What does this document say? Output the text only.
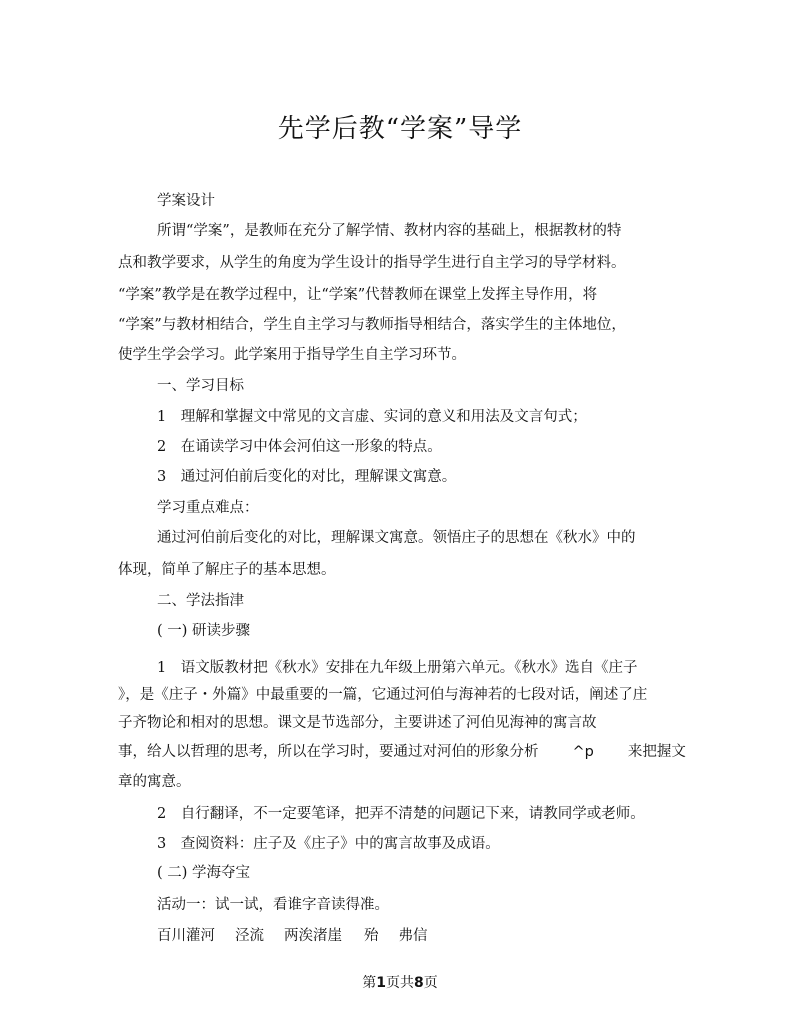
先学后教“学案”导学
学案设计
所谓“学案”，是教师在充分了解学情、教材内容的基础上，根据教材的特
点和教学要求，从学生的角度为学生设计的指导学生进行自主学习的导学材料。
“学案”教学是在教学过程中，让“学案”代替教师在课堂上发挥主导作用，将
“学案”与教材相结合，学生自主学习与教师指导相结合，落实学生的主体地位，
使学生学会学习。此学案用于指导学生自主学习环节。
一、学习目标
1　理解和掌握文中常见的文言虚、实词的意义和用法及文言句式；
2　在诵读学习中体会河伯这一形象的特点。
3　通过河伯前后变化的对比，理解课文寓意。
学习重点难点：
通过河伯前后变化的对比，理解课文寓意。领悟庄子的思想在《秋水》中的
体现，简单了解庄子的基本思想。
二、学法指津
( 一) 研读步骤
1　语文版教材把《秋水》安排在九年级上册第六单元。《秋水》选自《庄子
》，是《庄子・外篇》中最重要的一篇，它通过河伯与海神若的七段对话，阐述了庄
子齐物论和相对的思想。课文是节选部分，主要讲述了河伯见海神的寓言故
事，给人以哲理的思考，所以在学习时，要通过对河伯的形象分析 ^p 来把握文
章的寓意。
2　自行翻译，不一定要笔译，把弄不清楚的问题记下来，请教同学或老师。
3　查阅资料：庄子及《庄子》中的寓言故事及成语。
( 二) 学海夺宝
活动一：试一试，看谁字音读得准。
百川灌河 泾流 两涘渚崖 殆 弗信
第1页共8页
